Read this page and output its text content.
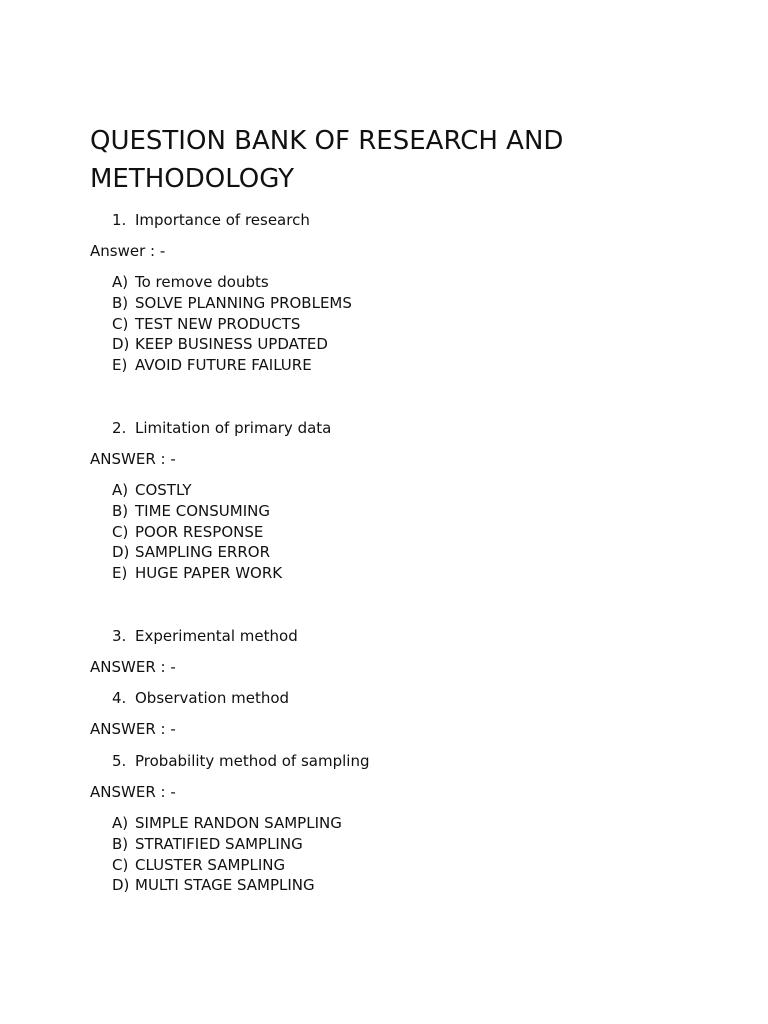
QUESTION BANK OF RESEARCH AND METHODOLOGY
1. Importance of research
Answer : -
A) To remove doubts
B) SOLVE PLANNING PROBLEMS
C) TEST NEW PRODUCTS
D) KEEP BUSINESS UPDATED
E) AVOID FUTURE FAILURE
2. Limitation of primary data
ANSWER : -
A) COSTLY
B) TIME CONSUMING
C) POOR RESPONSE
D) SAMPLING ERROR
E) HUGE PAPER WORK
3. Experimental method
ANSWER : -
4. Observation method
ANSWER : -
5. Probability method of sampling
ANSWER : -
A) SIMPLE RANDON SAMPLING
B) STRATIFIED SAMPLING
C) CLUSTER SAMPLING
D) MULTI STAGE SAMPLING
